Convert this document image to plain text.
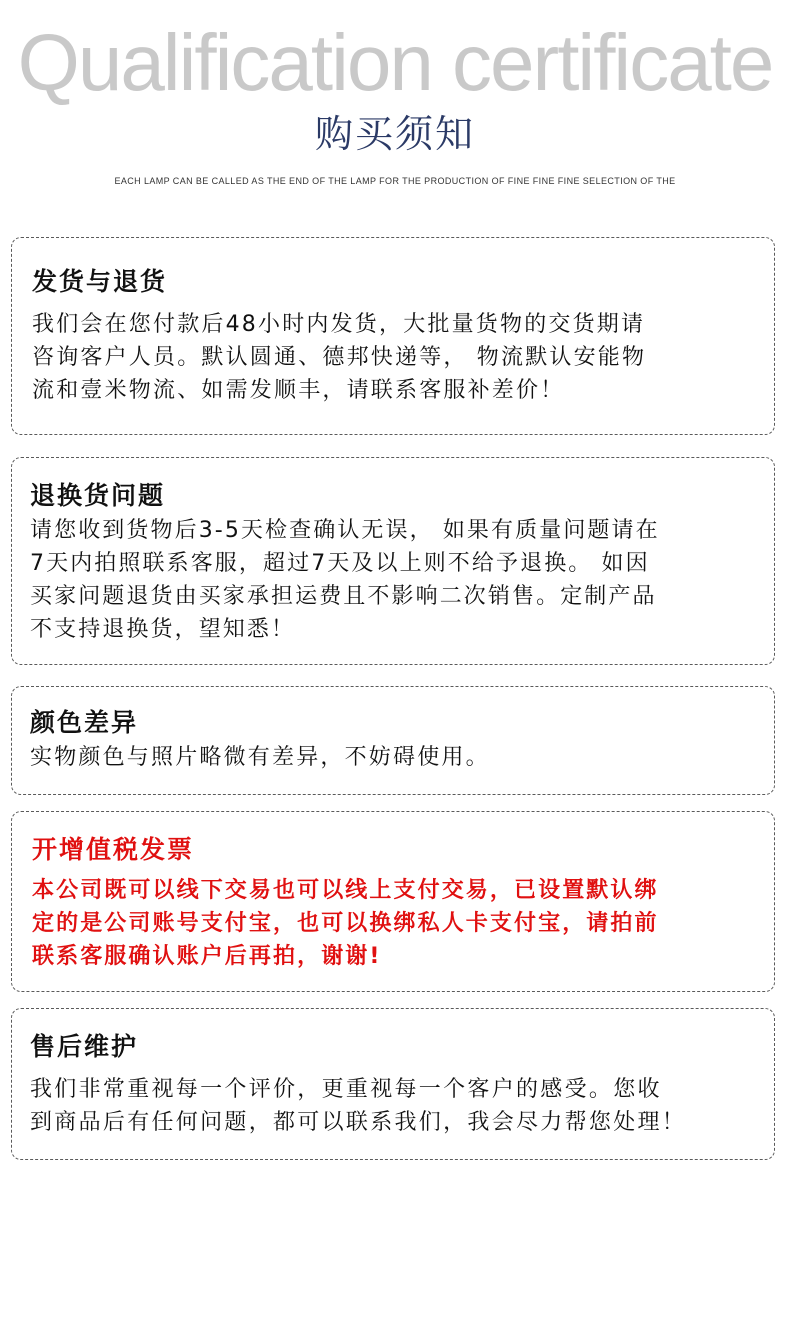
Qualification certificate
购买须知
EACH LAMP CAN BE CALLED AS THE END OF THE LAMP FOR THE PRODUCTION OF FINE FINE FINE SELECTION OF THE
发货与退货
我们会在您付款后48小时内发货，大批量货物的交货期请
咨询客户人员。默认圆通、德邦快递等， 物流默认安能物
流和壹米物流、如需发顺丰，请联系客服补差价！
退换货问题
请您收到货物后3-5天检查确认无误， 如果有质量问题请在
7天内拍照联系客服，超过7天及以上则不给予退换。 如因
买家问题退货由买家承担运费且不影响二次销售。定制产品
不支持退换货，望知悉！
颜色差异
实物颜色与照片略微有差异，不妨碍使用。
开增值税发票
本公司既可以线下交易也可以线上支付交易，已设置默认绑
定的是公司账号支付宝，也可以换绑私人卡支付宝，请拍前
联系客服确认账户后再拍，谢谢!
售后维护
我们非常重视每一个评价，更重视每一个客户的感受。您收
到商品后有任何问题，都可以联系我们，我会尽力帮您处理！
